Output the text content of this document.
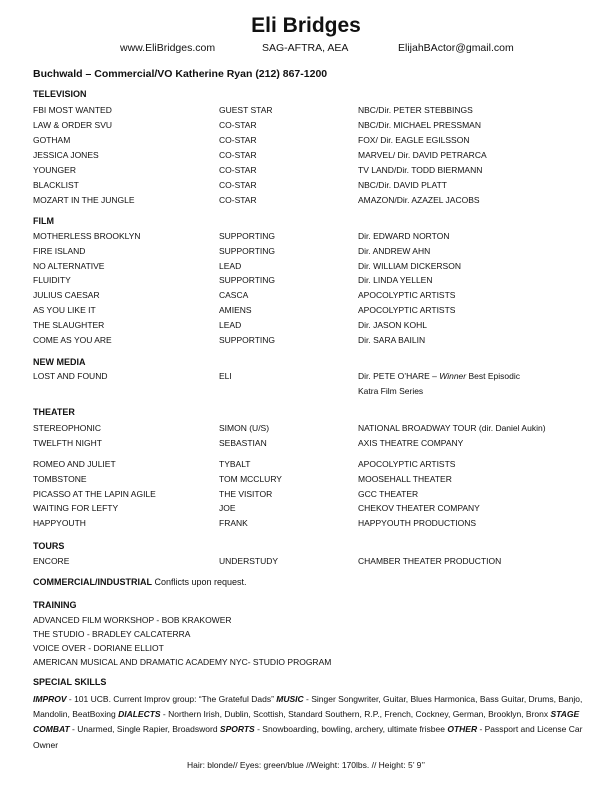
Eli Bridges
www.EliBridges.com	SAG-AFTRA, AEA	ElijahBActor@gmail.com
Buchwald – Commercial/VO Katherine Ryan (212) 867-1200
TELEVISION
FBI MOST WANTED	GUEST STAR	NBC/Dir. PETER STEBBINGS
LAW & ORDER SVU	CO-STAR	NBC/Dir. MICHAEL PRESSMAN
GOTHAM	CO-STAR	FOX/ Dir. EAGLE EGILSSON
JESSICA JONES	CO-STAR	MARVEL/ Dir. DAVID PETRARCA
YOUNGER	CO-STAR	TV LAND/Dir. TODD BIERMANN
BLACKLIST	CO-STAR	NBC/Dir. DAVID PLATT
MOZART IN THE JUNGLE	CO-STAR	AMAZON/Dir. AZAZEL JACOBS
FILM
MOTHERLESS BROOKLYN	SUPPORTING	Dir. EDWARD NORTON
FIRE ISLAND	SUPPORTING	Dir. ANDREW AHN
NO ALTERNATIVE	LEAD	Dir. WILLIAM DICKERSON
FLUIDITY	SUPPORTING	Dir. LINDA YELLEN
JULIUS CAESAR	CASCA	APOCOLYPTIC ARTISTS
AS YOU LIKE IT	AMIENS	APOCOLYPTIC ARTISTS
THE SLAUGHTER	LEAD	Dir. JASON KOHL
COME AS YOU ARE	SUPPORTING	Dir. SARA BAILIN
NEW MEDIA
LOST AND FOUND	ELI	Dir. PETE O’HARE – Winner Best Episodic
Katra Film Series
THEATER
STEREOPHONIC	SIMON (U/S)	NATIONAL BROADWAY TOUR (dir. Daniel Aukin)
TWELFTH NIGHT	SEBASTIAN	AXIS THEATRE COMPANY
ROMEO AND JULIET	TYBALT	APOCOLYPTIC ARTISTS
TOMBSTONE	TOM MCCLURY	MOOSEHALL THEATER
PICASSO AT THE LAPIN AGILE	THE VISITOR	GCC THEATER
WAITING FOR LEFTY	JOE	CHEKOV THEATER COMPANY
HAPPYOUTH	FRANK	HAPPYOUTH PRODUCTIONS
TOURS
ENCORE	UNDERSTUDY	CHAMBER THEATER PRODUCTION
COMMERCIAL/INDUSTRIAL Conflicts upon request.
TRAINING
ADVANCED FILM WORKSHOP - BOB KRAKOWER
THE STUDIO - BRADLEY CALCATERRA
VOICE OVER - DORIANE ELLIOT
AMERICAN MUSICAL AND DRAMATIC ACADEMY NYC- STUDIO PROGRAM
SPECIAL SKILLS
IMPROV - 101 UCB. Current Improv group: “The Grateful Dads” MUSIC - Singer Songwriter, Guitar, Blues Harmonica, Bass Guitar, Drums, Banjo, Mandolin, BeatBoxing DIALECTS - Northern Irish, Dublin, Scottish, Standard Southern, R.P., French, Cockney, German, Brooklyn, Bronx STAGE COMBAT - Unarmed, Single Rapier, Broadsword SPORTS - Snowboarding, bowling, archery, ultimate frisbee OTHER - Passport and License Car Owner
Hair: blonde// Eyes: green/blue //Weight: 170lbs. // Height: 5’ 9’’
